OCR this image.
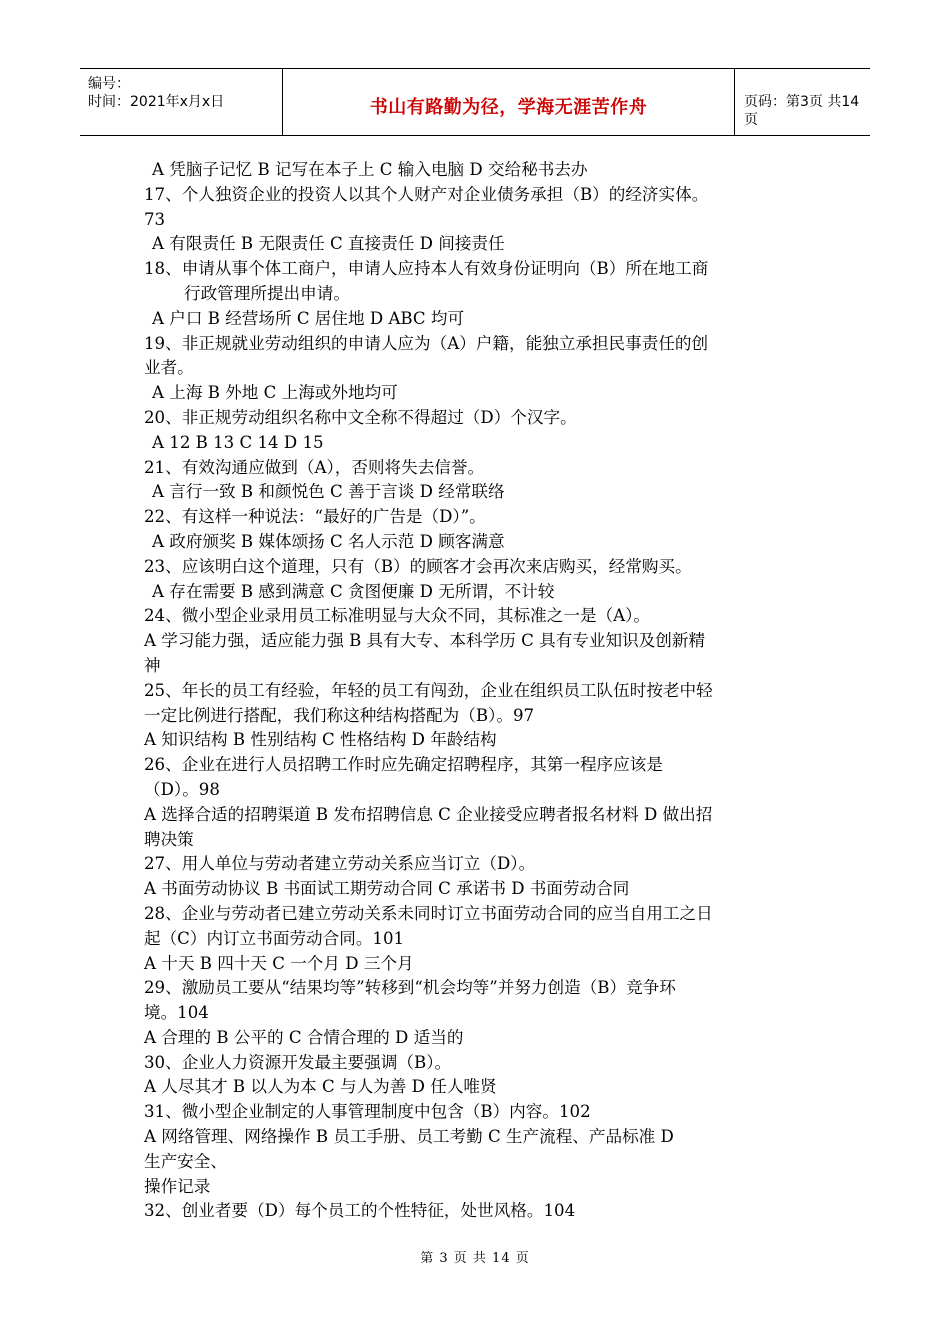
编号：
时间：2021年x月x日	书山有路勤为径，学海无涯苦作舟	页码：第3页 共14页
A 凭脑子记忆 B 记写在本子上 C 输入电脑 D 交给秘书去办
17、个人独资企业的投资人以其个人财产对企业债务承担（B）的经济实体。
73
A 有限责任 B 无限责任 C 直接责任 D 间接责任
18、申请从事个体工商户，申请人应持本人有效身份证明向（B）所在地工商
行政管理所提出申请。
A 户口 B 经营场所 C 居住地 D ABC 均可
19、非正规就业劳动组织的申请人应为（A）户籍，能独立承担民事责任的创
业者。
A 上海 B 外地 C 上海或外地均可
20、非正规劳动组织名称中文全称不得超过（D）个汉字。
A 12 B 13 C 14 D 15
21、有效沟通应做到（A），否则将失去信誉。
A 言行一致 B 和颜悦色 C 善于言谈 D 经常联络
22、有这样一种说法：“最好的广告是（D）”。
A 政府颁奖 B 媒体颂扬 C 名人示范 D 顾客满意
23、应该明白这个道理，只有（B）的顾客才会再次来店购买，经常购买。
A 存在需要 B 感到满意 C 贪图便廉 D 无所谓，不计较
24、微小型企业录用员工标准明显与大众不同，其标准之一是（A）。
A 学习能力强，适应能力强 B 具有大专、本科学历 C 具有专业知识及创新精
神
25、年长的员工有经验，年轻的员工有闯劲，企业在组织员工队伍时按老中轻
一定比例进行搭配，我们称这种结构搭配为（B）。97
A 知识结构 B 性别结构 C 性格结构 D 年龄结构
26、企业在进行人员招聘工作时应先确定招聘程序，其第一程序应该是
（D）。98
A 选择合适的招聘渠道 B 发布招聘信息 C 企业接受应聘者报名材料 D 做出招
聘决策
27、用人单位与劳动者建立劳动关系应当订立（D）。
A 书面劳动协议 B 书面试工期劳动合同 C 承诺书 D 书面劳动合同
28、企业与劳动者已建立劳动关系未同时订立书面劳动合同的应当自用工之日
起（C）内订立书面劳动合同。101
A 十天 B 四十天 C 一个月 D 三个月
29、激励员工要从“结果均等”转移到“机会均等”并努力创造（B）竞争环
境。104
A 合理的 B 公平的 C 合情合理的 D 适当的
30、企业人力资源开发最主要强调（B）。
A 人尽其才 B 以人为本 C 与人为善 D 任人唯贤
31、微小型企业制定的人事管理制度中包含（B）内容。102
A 网络管理、网络操作 B 员工手册、员工考勤 C 生产流程、产品标准 D
生产安全、
操作记录
32、创业者要（D）每个员工的个性特征，处世风格。104
第 3 页 共 14 页
